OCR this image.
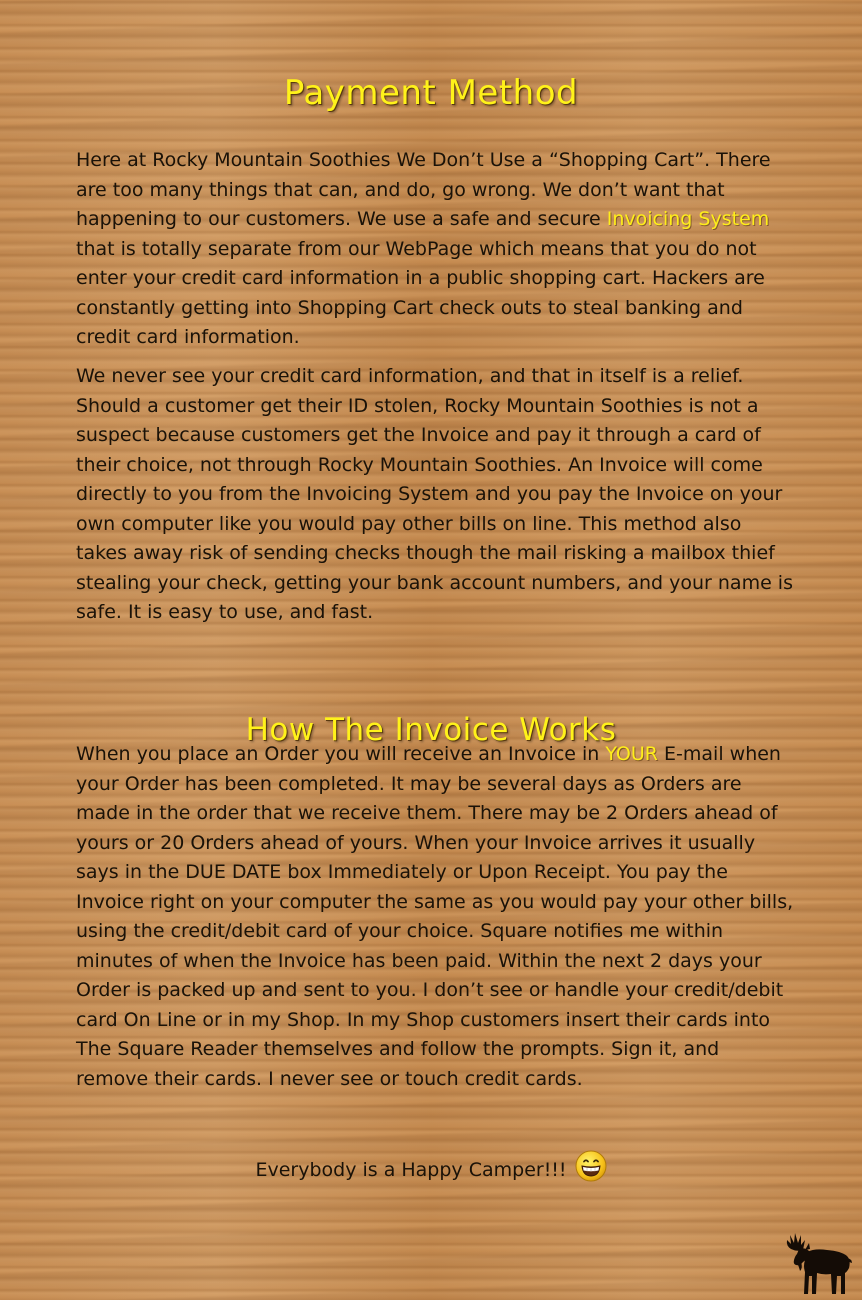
Payment Method

Here at Rocky Mountain Soothies We Don’t Use a “Shopping Cart”. There are too many things that can, and do, go wrong. We don’t want that happening to our customers. We use a safe and secure Invoicing System that is totally separate from our WebPage which means that you do not enter your credit card information in a public shopping cart. Hackers are constantly getting into Shopping Cart check outs to steal banking and credit card information.

We never see your credit card information, and that in itself is a relief. Should a customer get their ID stolen, Rocky Mountain Soothies is not a suspect because customers get the Invoice and pay it through a card of their choice, not through Rocky Mountain Soothies. An Invoice will come directly to you from the Invoicing System and you pay the Invoice on your own computer like you would pay other bills on line. This method also takes away risk of sending checks though the mail risking a mailbox thief stealing your check, getting your bank account numbers, and your name is safe. It is easy to use, and fast.

How The Invoice Works

When you place an Order you will receive an Invoice in YOUR E-mail when your Order has been completed. It may be several days as Orders are made in the order that we receive them. There may be 2 Orders ahead of yours or 20 Orders ahead of yours. When your Invoice arrives it usually says in the DUE DATE box Immediately or Upon Receipt. You pay the Invoice right on your computer the same as you would pay your other bills, using the credit/debit card of your choice. Square notifies me within minutes of when the Invoice has been paid. Within the next 2 days your Order is packed up and sent to you. I don’t see or handle your credit/debit card On Line or in my Shop. In my Shop customers insert their cards into The Square Reader themselves and follow the prompts. Sign it, and remove their cards. I never see or touch credit cards.

Everybody is a Happy Camper!!!
